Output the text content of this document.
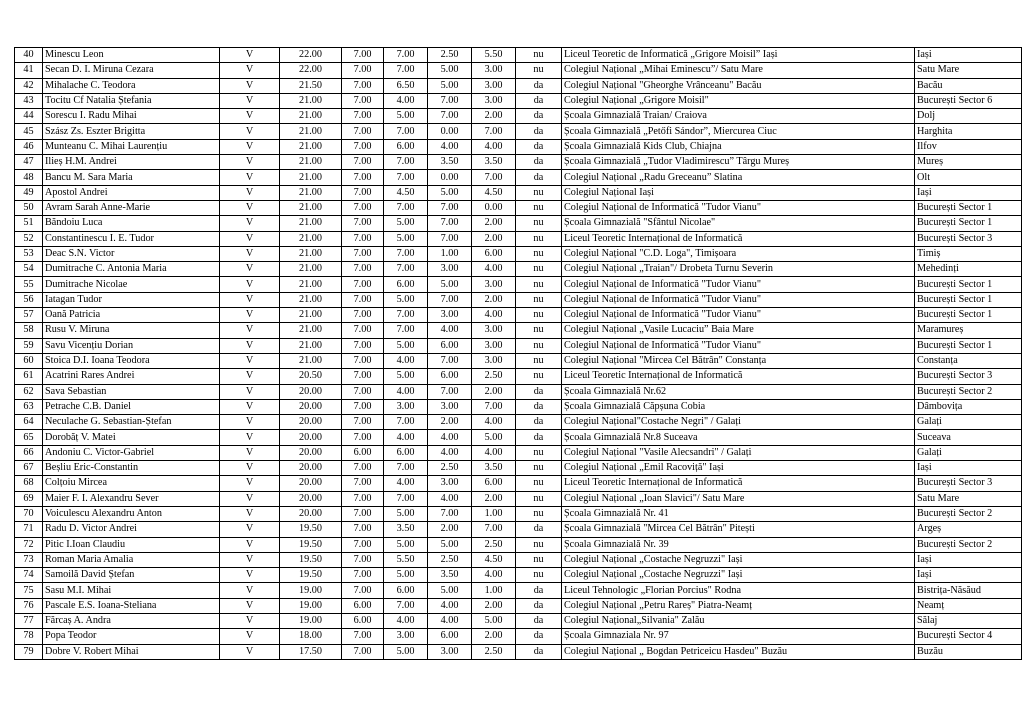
40	Minescu Leon	V	22.00	7.00	7.00	2.50	5.50	nu	Liceul Teoretic de Informatică „Grigore Moisil” Iași	Iași
41	Secan D. I. Miruna Cezara	V	22.00	7.00	7.00	5.00	3.00	nu	Colegiul Național „Mihai Eminescu”/ Satu Mare	Satu Mare
42	Mihalache C. Teodora	V	21.50	7.00	6.50	5.00	3.00	da	Colegiul Național "Gheorghe Vrânceanu" Bacău	Bacău
43	Tocitu Cf Natalia Ștefania	V	21.00	7.00	4.00	7.00	3.00	da	Colegiul Național „Grigore Moisil"	București Sector 6
44	Sorescu I. Radu Mihai	V	21.00	7.00	5.00	7.00	2.00	da	Școala Gimnazială Traian/ Craiova	Dolj
45	Szász Zs. Eszter Brigitta	V	21.00	7.00	7.00	0.00	7.00	da	Școala Gimnazială „Petőfi Sándor”, Miercurea Ciuc	Harghita
46	Munteanu C. Mihai Laurențiu	V	21.00	7.00	6.00	4.00	4.00	da	Școala Gimnazială Kids Club, Chiajna	Ilfov
47	Ilieș H.M. Andrei	V	21.00	7.00	7.00	3.50	3.50	da	Școala Gimnazială „Tudor Vladimirescu” Târgu Mureș	Mureș
48	Bancu M. Sara Maria	V	21.00	7.00	7.00	0.00	7.00	da	Colegiul Național „Radu Greceanu” Slatina	Olt
49	Apostol Andrei	V	21.00	7.00	4.50	5.00	4.50	nu	Colegiul Național Iași	Iași
50	Avram Sarah Anne-Marie	V	21.00	7.00	7.00	7.00	0.00	nu	Colegiul Național de Informatică "Tudor Vianu"	București Sector 1
51	Băndoiu Luca	V	21.00	7.00	5.00	7.00	2.00	nu	Școala Gimnazială "Sfântul Nicolae"	București Sector 1
52	Constantinescu I. E. Tudor	V	21.00	7.00	5.00	7.00	2.00	nu	Liceul Teoretic Internațional de Informatică	București Sector 3
53	Deac S.N. Victor	V	21.00	7.00	7.00	1.00	6.00	nu	Colegiul Național "C.D. Loga", Timișoara	Timiș
54	Dumitrache C. Antonia Maria	V	21.00	7.00	7.00	3.00	4.00	nu	Colegiul Național „Traian"/ Drobeta Turnu Severin	Mehedinți
55	Dumitrache Nicolae	V	21.00	7.00	6.00	5.00	3.00	nu	Colegiul Național de Informatică "Tudor Vianu"	București Sector 1
56	Iatagan Tudor	V	21.00	7.00	5.00	7.00	2.00	nu	Colegiul Național de Informatică "Tudor Vianu"	București Sector 1
57	Oană Patricia	V	21.00	7.00	7.00	3.00	4.00	nu	Colegiul Național de Informatică "Tudor Vianu"	București Sector 1
58	Rusu V. Miruna	V	21.00	7.00	7.00	4.00	3.00	nu	Colegiul Național „Vasile Lucaciu” Baia Mare	Maramureș
59	Savu Vicențiu Dorian	V	21.00	7.00	5.00	6.00	3.00	nu	Colegiul Național de Informatică "Tudor Vianu"	București Sector 1
60	Stoica D.I. Ioana Teodora	V	21.00	7.00	4.00	7.00	3.00	nu	Colegiul Național "Mircea Cel Bătrân" Constanța	Constanța
61	Acatrini Rares Andrei	V	20.50	7.00	5.00	6.00	2.50	nu	Liceul Teoretic Internațional de Informatică	București Sector 3
62	Sava Sebastian	V	20.00	7.00	4.00	7.00	2.00	da	Școala Gimnazială Nr.62	București Sector 2
63	Petrache C.B. Daniel	V	20.00	7.00	3.00	3.00	7.00	da	Școala Gimnazială Căpșuna Cobia	Dâmbovița
64	Neculache G. Sebastian-Ștefan	V	20.00	7.00	7.00	2.00	4.00	da	Colegiul Național"Costache Negri" / Galați	Galați
65	Dorobăț V. Matei	V	20.00	7.00	4.00	4.00	5.00	da	Școala Gimnazială Nr.8 Suceava	Suceava
66	Andoniu C. Victor-Gabriel	V	20.00	6.00	6.00	4.00	4.00	nu	Colegiul Național "Vasile Alecsandri" / Galați	Galați
67	Beșliu Eric-Constantin	V	20.00	7.00	7.00	2.50	3.50	nu	Colegiul Național „Emil Racoviță" Iași	Iași
68	Colțoiu Mircea	V	20.00	7.00	4.00	3.00	6.00	nu	Liceul Teoretic Internațional de Informatică	București Sector 3
69	Maier F. I. Alexandru Sever	V	20.00	7.00	7.00	4.00	2.00	nu	Colegiul Național „Ioan Slavici"/ Satu Mare	Satu Mare
70	Voiculescu Alexandru Anton	V	20.00	7.00	5.00	7.00	1.00	nu	Școala Gimnazială Nr. 41	București Sector 2
71	Radu D. Victor Andrei	V	19.50	7.00	3.50	2.00	7.00	da	Școala Gimnazială "Mircea Cel Bătrân" Pitești	Argeș
72	Pitic I.Ioan Claudiu	V	19.50	7.00	5.00	5.00	2.50	nu	Școala Gimnazială Nr. 39	București Sector 2
73	Roman Maria Amalia	V	19.50	7.00	5.50	2.50	4.50	nu	Colegiul Național „Costache Negruzzi" Iași	Iași
74	Samoilă David Ștefan	V	19.50	7.00	5.00	3.50	4.00	nu	Colegiul Național „Costache Negruzzi" Iași	Iași
75	Sasu M.I. Mihai	V	19.00	7.00	6.00	5.00	1.00	da	Liceul Tehnologic „Florian Porcius" Rodna	Bistrița-Năsăud
76	Pascale E.S. Ioana-Steliana	V	19.00	6.00	7.00	4.00	2.00	da	Colegiul Național „Petru Rareș" Piatra-Neamț	Neamț
77	Fărcaș A. Andra	V	19.00	6.00	4.00	4.00	5.00	da	Colegiul Național„Silvania" Zalău	Sălaj
78	Popa Teodor	V	18.00	7.00	3.00	6.00	2.00	da	Școala Gimnaziala Nr. 97	București Sector 4
79	Dobre V. Robert Mihai	V	17.50	7.00	5.00	3.00	2.50	da	Colegiul Național „ Bogdan Petriceicu Hasdeu" Buzău	Buzău
